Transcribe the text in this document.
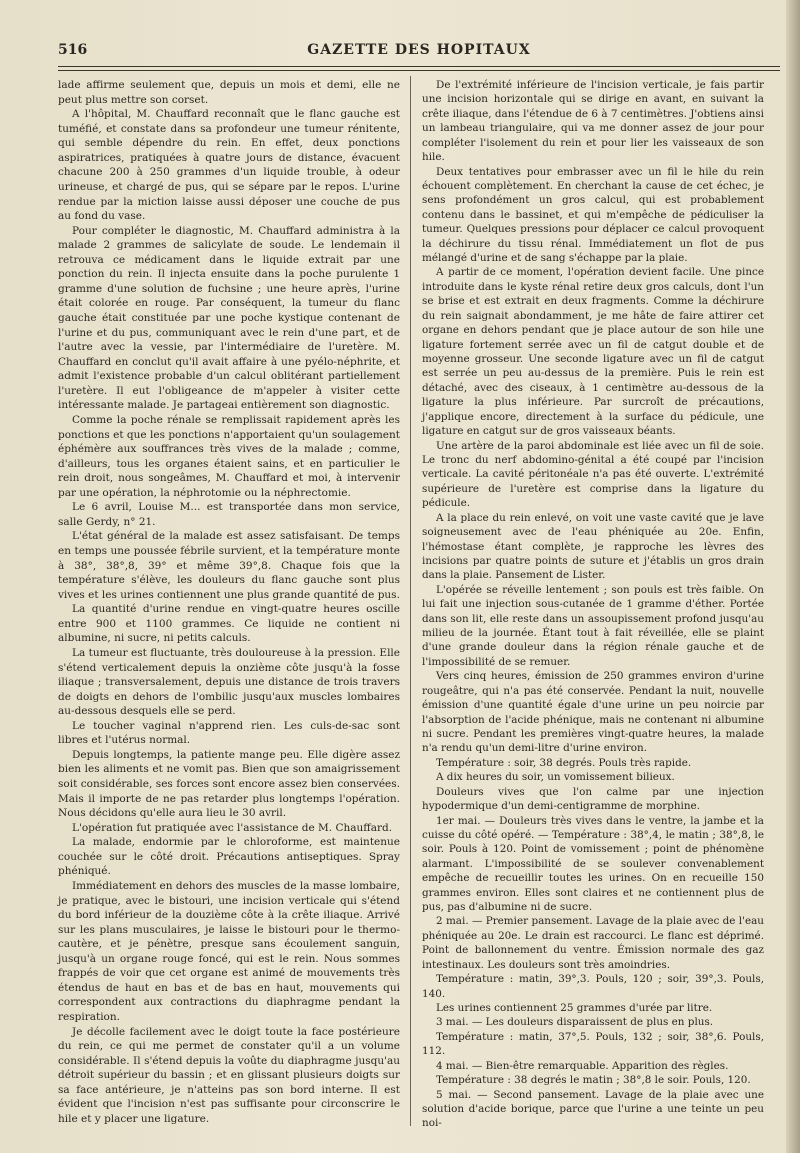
516	GAZETTE DES HOPITAUX

lade affirme seulement que, depuis un mois et demi, elle ne peut plus mettre son corset.

A l'hôpital, M. Chauffard reconnaît que le flanc gauche est tuméfié, et constate dans sa profondeur une tumeur rénitente, qui semble dépendre du rein. En effet, deux ponctions aspiratrices, pratiquées à quatre jours de distance, évacuent chacune 200 à 250 grammes d'un liquide trouble, à odeur urineuse, et chargé de pus, qui se sépare par le repos. L'urine rendue par la miction laisse aussi déposer une couche de pus au fond du vase.

Pour compléter le diagnostic, M. Chauffard administra à la malade 2 grammes de salicylate de soude. Le lendemain il retrouva ce médicament dans le liquide extrait par une ponction du rein. Il injecta ensuite dans la poche purulente 1 gramme d'une solution de fuchsine ; une heure après, l'urine était colorée en rouge. Par conséquent, la tumeur du flanc gauche était constituée par une poche kystique contenant de l'urine et du pus, communiquant avec le rein d'une part, et de l'autre avec la vessie, par l'intermédiaire de l'uretère. M. Chauffard en conclut qu'il avait affaire à une pyélo-néphrite, et admit l'existence probable d'un calcul oblitérant partiellement l'uretère. Il eut l'obligeance de m'appeler à visiter cette intéressante malade. Je partageai entièrement son diagnostic.

Comme la poche rénale se remplissait rapidement après les ponctions et que les ponctions n'apportaient qu'un soulagement éphémère aux souffrances très vives de la malade ; comme, d'ailleurs, tous les organes étaient sains, et en particulier le rein droit, nous songeâmes, M. Chauffard et moi, à intervenir par une opération, la néphrotomie ou la néphrectomie.

Le 6 avril, Louise M... est transportée dans mon service, salle Gerdy, n° 21.

L'état général de la malade est assez satisfaisant. De temps en temps une poussée fébrile survient, et la température monte à 38°, 38°,8, 39° et même 39°,8. Chaque fois que la température s'élève, les douleurs du flanc gauche sont plus vives et les urines contiennent une plus grande quantité de pus.

La quantité d'urine rendue en vingt-quatre heures oscille entre 900 et 1100 grammes. Ce liquide ne contient ni albumine, ni sucre, ni petits calculs.

La tumeur est fluctuante, très douloureuse à la pression. Elle s'étend verticalement depuis la onzième côte jusqu'à la fosse iliaque ; transversalement, depuis une distance de trois travers de doigts en dehors de l'ombilic jusqu'aux muscles lombaires au-dessous desquels elle se perd.

Le toucher vaginal n'apprend rien. Les culs-de-sac sont libres et l'utérus normal.

Depuis longtemps, la patiente mange peu. Elle digère assez bien les aliments et ne vomit pas. Bien que son amaigrissement soit considérable, ses forces sont encore assez bien conservées. Mais il importe de ne pas retarder plus longtemps l'opération. Nous décidons qu'elle aura lieu le 30 avril.

L'opération fut pratiquée avec l'assistance de M. Chauffard.

La malade, endormie par le chloroforme, est maintenue couchée sur le côté droit. Précautions antiseptiques. Spray phéniqué.

Immédiatement en dehors des muscles de la masse lombaire, je pratique, avec le bistouri, une incision verticale qui s'étend du bord inférieur de la douzième côte à la crête iliaque. Arrivé sur les plans musculaires, je laisse le bistouri pour le thermo-cautère, et je pénètre, presque sans écoulement sanguin, jusqu'à un organe rouge foncé, qui est le rein. Nous sommes frappés de voir que cet organe est animé de mouvements très étendus de haut en bas et de bas en haut, mouvements qui correspondent aux contractions du diaphragme pendant la respiration.

Je décolle facilement avec le doigt toute la face postérieure du rein, ce qui me permet de constater qu'il a un volume considérable. Il s'étend depuis la voûte du diaphragme jusqu'au détroit supérieur du bassin ; et en glissant plusieurs doigts sur sa face antérieure, je n'atteins pas son bord interne. Il est évident que l'incision n'est pas suffisante pour circonscrire le hile et y placer une ligature.

De l'extrémité inférieure de l'incision verticale, je fais partir une incision horizontale qui se dirige en avant, en suivant la crête iliaque, dans l'étendue de 6 à 7 centimètres. J'obtiens ainsi un lambeau triangulaire, qui va me donner assez de jour pour compléter l'isolement du rein et pour lier les vaisseaux de son hile.

Deux tentatives pour embrasser avec un fil le hile du rein échouent complètement. En cherchant la cause de cet échec, je sens profondément un gros calcul, qui est probablement contenu dans le bassinet, et qui m'empêche de pédiculiser la tumeur. Quelques pressions pour déplacer ce calcul provoquent la déchirure du tissu rénal. Immédiatement un flot de pus mélangé d'urine et de sang s'échappe par la plaie.

A partir de ce moment, l'opération devient facile. Une pince introduite dans le kyste rénal retire deux gros calculs, dont l'un se brise et est extrait en deux fragments. Comme la déchirure du rein saignait abondamment, je me hâte de faire attirer cet organe en dehors pendant que je place autour de son hile une ligature fortement serrée avec un fil de catgut double et de moyenne grosseur. Une seconde ligature avec un fil de catgut est serrée un peu au-dessus de la première. Puis le rein est détaché, avec des ciseaux, à 1 centimètre au-dessous de la ligature la plus inférieure. Par surcroît de précautions, j'applique encore, directement à la surface du pédicule, une ligature en catgut sur de gros vaisseaux béants.

Une artère de la paroi abdominale est liée avec un fil de soie. Le tronc du nerf abdomino-génital a été coupé par l'incision verticale. La cavité péritonéale n'a pas été ouverte. L'extrémité supérieure de l'uretère est comprise dans la ligature du pédicule.

A la place du rein enlevé, on voit une vaste cavité que je lave soigneusement avec de l'eau phéniquée au 20e. Enfin, l'hémostase étant complète, je rapproche les lèvres des incisions par quatre points de suture et j'établis un gros drain dans la plaie. Pansement de Lister.

L'opérée se réveille lentement ; son pouls est très faible. On lui fait une injection sous-cutanée de 1 gramme d'éther. Portée dans son lit, elle reste dans un assoupissement profond jusqu'au milieu de la journée. Étant tout à fait réveillée, elle se plaint d'une grande douleur dans la région rénale gauche et de l'impossibilité de se remuer.

Vers cinq heures, émission de 250 grammes environ d'urine rougeâtre, qui n'a pas été conservée. Pendant la nuit, nouvelle émission d'une quantité égale d'une urine un peu noircie par l'absorption de l'acide phénique, mais ne contenant ni albumine ni sucre. Pendant les premières vingt-quatre heures, la malade n'a rendu qu'un demi-litre d'urine environ.

Température : soir, 38 degrés. Pouls très rapide.

A dix heures du soir, un vomissement bilieux.

Douleurs vives que l'on calme par une injection hypodermique d'un demi-centigramme de morphine.

1er mai. — Douleurs très vives dans le ventre, la jambe et la cuisse du côté opéré. — Température : 38°,4, le matin ; 38°,8, le soir. Pouls à 120. Point de vomissement ; point de phénomène alarmant. L'impossibilité de se soulever convenablement empêche de recueillir toutes les urines. On en recueille 150 grammes environ. Elles sont claires et ne contiennent plus de pus, pas d'albumine ni de sucre.

2 mai. — Premier pansement. Lavage de la plaie avec de l'eau phéniquée au 20e. Le drain est raccourci. Le flanc est déprimé. Point de ballonnement du ventre. Émission normale des gaz intestinaux. Les douleurs sont très amoindries.

Température : matin, 39°,3. Pouls, 120 ; soir, 39°,3. Pouls, 140.

Les urines contiennent 25 grammes d'urée par litre.

3 mai. — Les douleurs disparaissent de plus en plus.

Température : matin, 37°,5. Pouls, 132 ; soir, 38°,6. Pouls, 112.

4 mai. — Bien-être remarquable. Apparition des règles.

Température : 38 degrés le matin ; 38°,8 le soir. Pouls, 120.

5 mai. — Second pansement. Lavage de la plaie avec une solution d'acide borique, parce que l'urine a une teinte un peu noi-
